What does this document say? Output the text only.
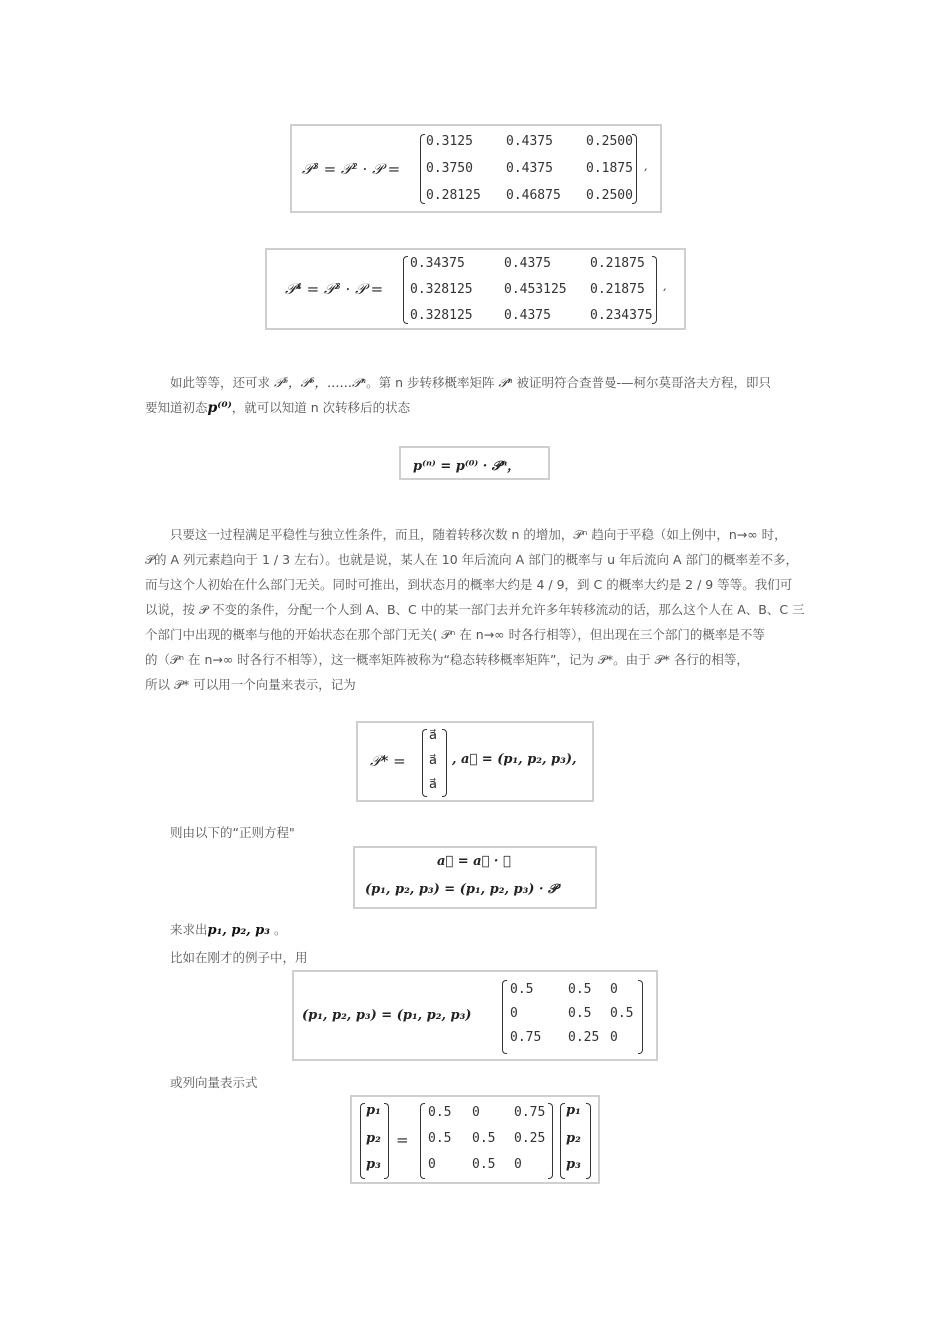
𝒫³ = 𝒫² · 𝒫 =
0.3125	0.4375	0.2500
0.3750	0.4375	0.1875
0.28125 0.46875 0.2500
,
𝒫⁴ = 𝒫³ · 𝒫 =
0.34375	0.4375	0.21875
0.328125 0.453125 0.21875
0.328125 0.4375	0.234375
,
如此等等，还可求 𝒫⁵，𝒫⁶，……𝒫ⁿ。第 n 步转移概率矩阵 𝒫ⁿ 被证明符合查普曼-—柯尔莫哥洛夫方程，即只
要知道初态𝒑⁽⁰⁾，就可以知道 n 次转移后的状态
𝒑⁽ⁿ⁾ = 𝒑⁽⁰⁾ · 𝒫ⁿ，
只要这一过程满足平稳性与独立性条件，而且，随着转移次数 n 的增加，𝒫ⁿ 趋向于平稳（如上例中，n→∞ 时，
𝒫的 A 列元素趋向于 1 / 3 左右）。也就是说，某人在 10 年后流向 A 部门的概率与 u 年后流向 A 部门的概率差不多，
而与这个人初始在什么部门无关。同时可推出，到状态月的概率大约是 4 / 9，到 C 的概率大约是 2 / 9 等等。我们可
以说，按 𝒫 不变的条件，分配一个人到 A、B、C 中的某一部门去并允许多年转移流动的话，那么这个人在 A、B、C 三
个部门中出现的概率与他的开始状态在那个部门无关( 𝒫ⁿ 在 n→∞ 时各行相等），但出现在三个部门的概率是不等
的（𝒫ⁿ 在 n→∞ 时各行不相等），这一概率矩阵被称为“稳态转移概率矩阵”，记为 𝒫*。由于 𝒫* 各行的相等，
所以 𝒫* 可以用一个向量来表示，记为
𝒫* =
a⃗
a⃗
a⃗
, a⃗ = (𝒑₁, 𝒑₂, 𝒑₃),
则由以下的“正则方程"
a⃗ = a⃗ · 𝒫
(𝒑₁, 𝒑₂, 𝒑₃) = (𝒑₁, 𝒑₂, 𝒑₃) · 𝒫
来求出𝒑₁, 𝒑₂, 𝒑₃ 。
比如在刚才的例子中，用
(𝒑₁, 𝒑₂, 𝒑₃) = (𝒑₁, 𝒑₂, 𝒑₃)
0.5	0.5 0
0	0.5 0.5
0.75 0.25 0
或列向量表示式
𝒑₁
𝒑₂
𝒑₃
=
0.5 0	0.75
0.5 0.5 0.25
0	0.5 0
𝒑₁
𝒑₂
𝒑₃
